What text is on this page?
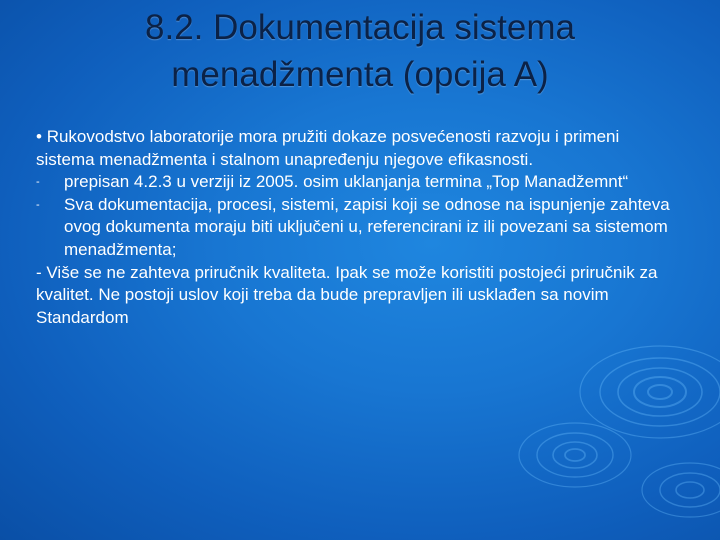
8.2. Dokumentacija sistema
menadžmenta (opcija A)

• Rukovodstvo laboratorije mora pružiti dokaze posvećenosti razvoju i primeni sistema menadžmenta i stalnom unapređenju njegove efikasnosti.

- prepisan 4.2.3 u verziji iz 2005. osim uklanjanja termina „Top Manadžemnt“
- Sva dokumentacija, procesi, sistemi, zapisi koji se odnose na ispunjenje zahteva ovog dokumenta moraju biti uključeni u, referencirani iz ili povezani sa sistemom menadžmenta;

- Više se ne zahteva priručnik kvaliteta. Ipak se može koristiti postojeći priručnik za kvalitet. Ne postoji uslov koji treba da bude prepravljen ili usklađen sa novim Standardom
